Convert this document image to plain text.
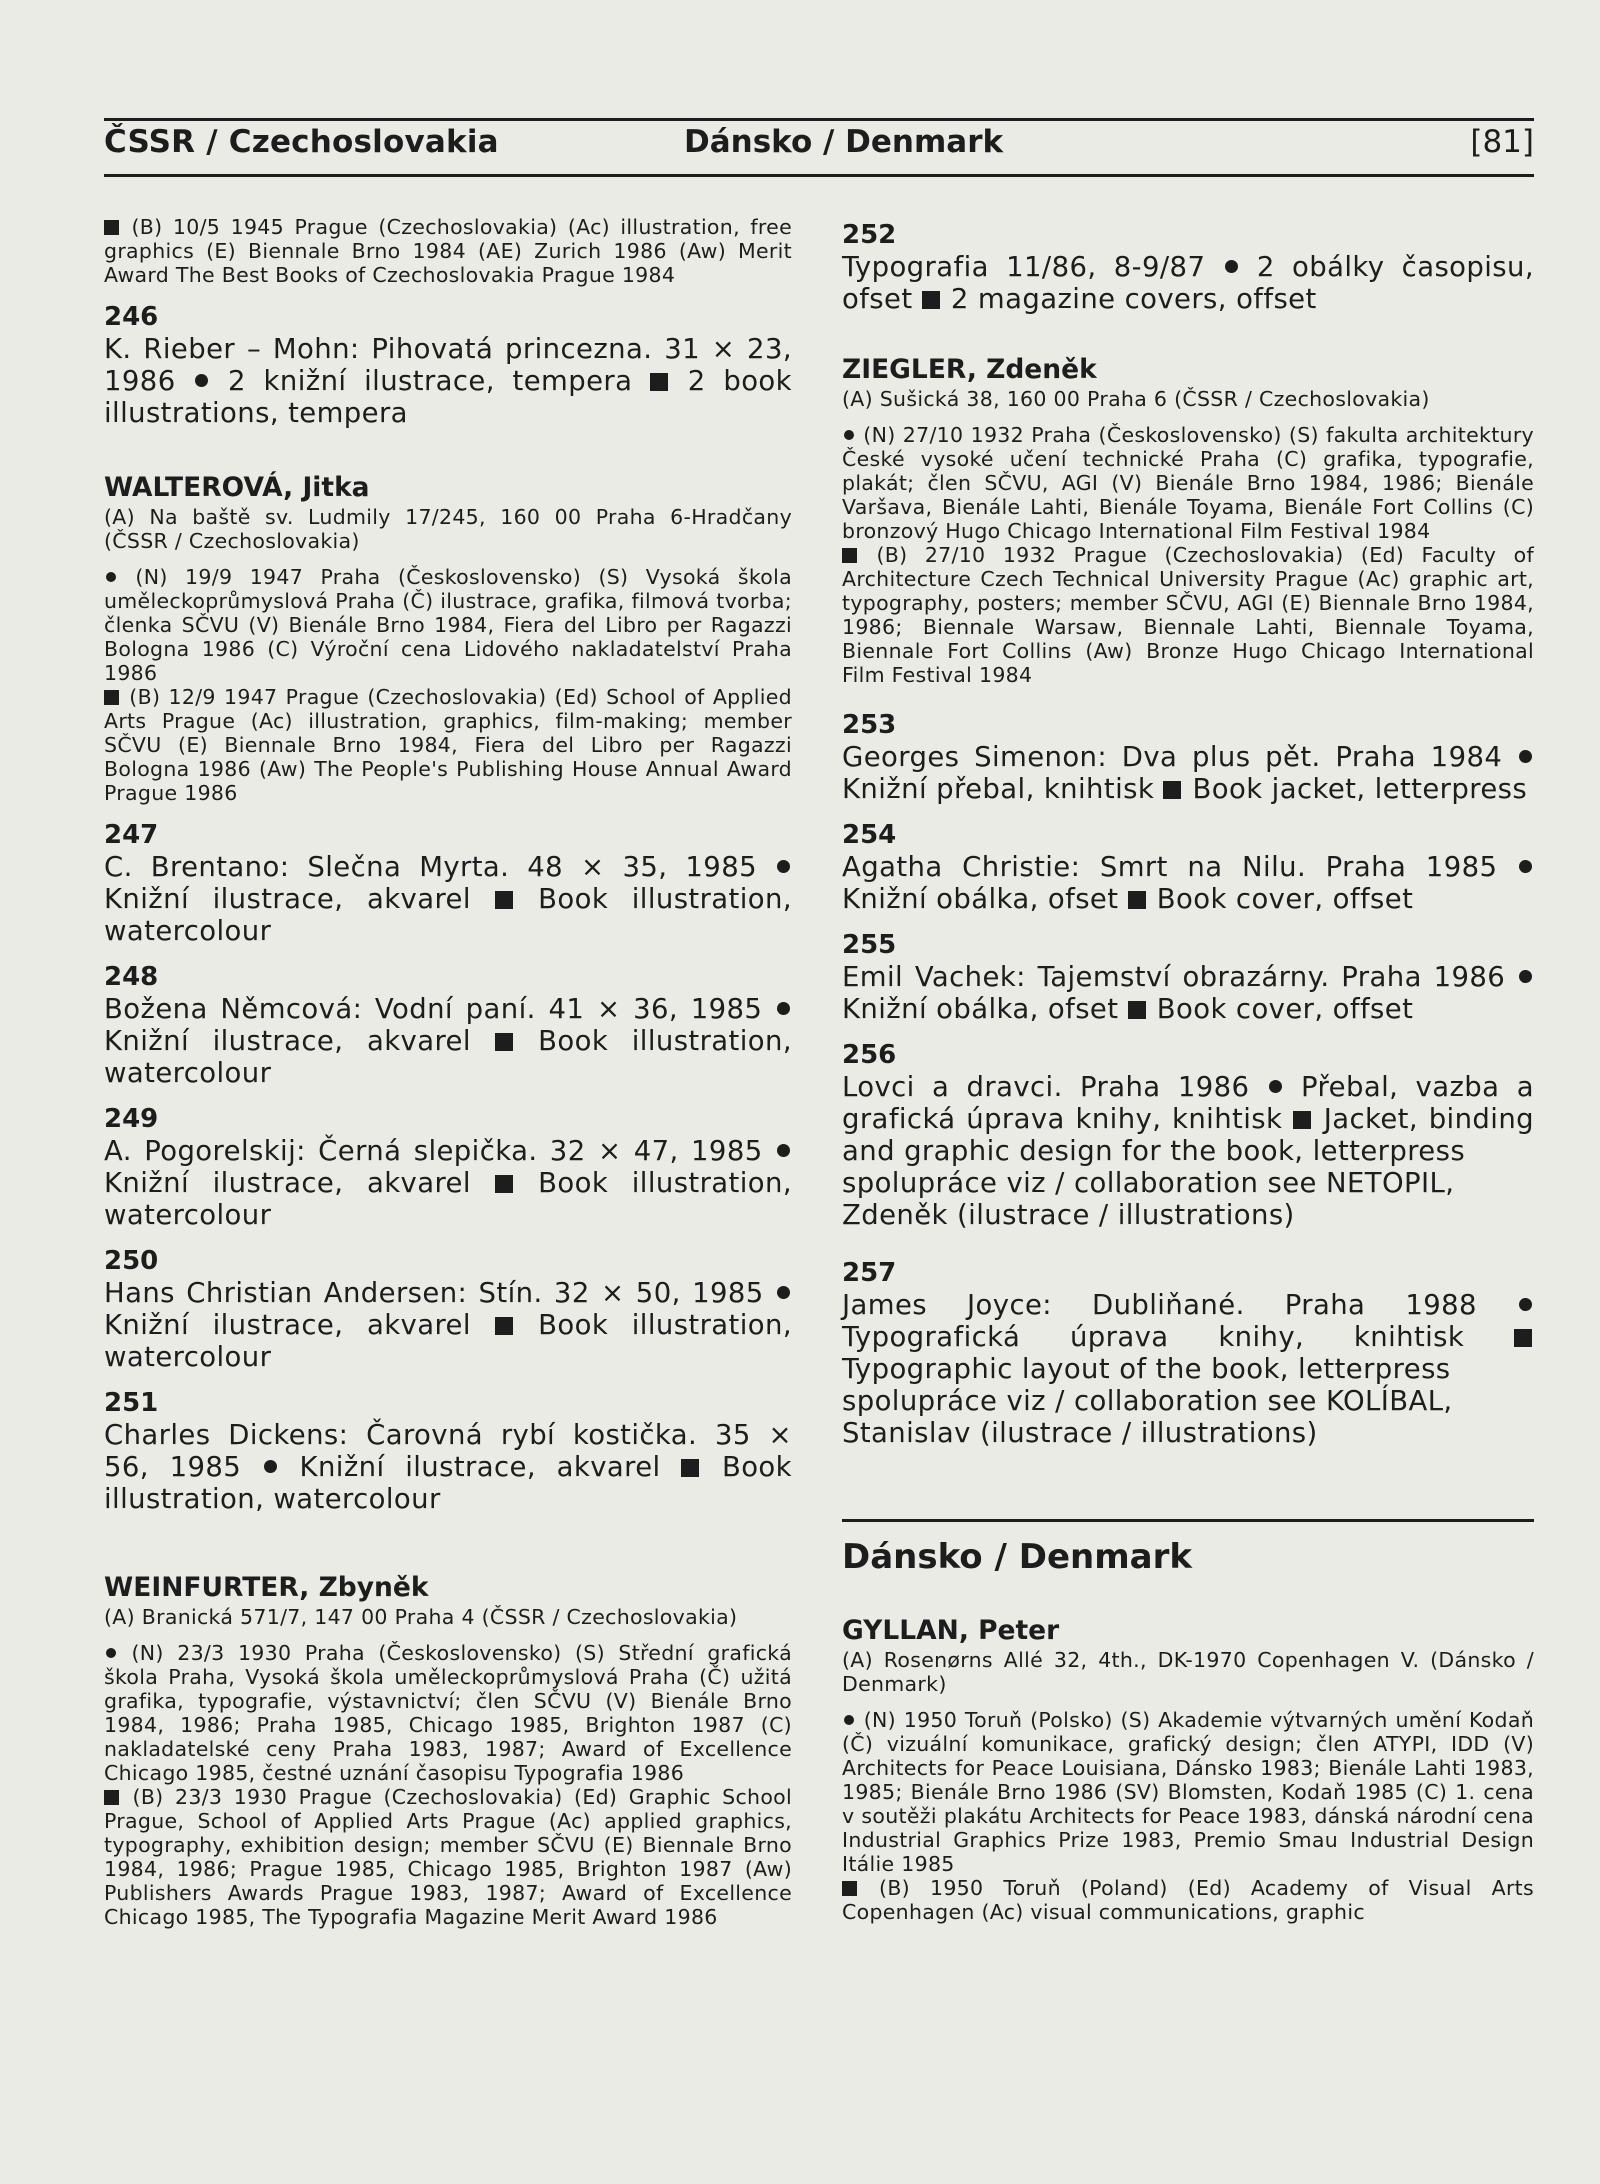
ČSSR / Czechoslovakia	Dánsko / Denmark	[81]

(B) 10/5 1945 Prague (Czechoslovakia) (Ac) illustration, free graphics (E) Biennale Brno 1984 (AE) Zurich 1986 (Aw) Merit Award The Best Books of Czechoslovakia Prague 1984

246

K. Rieber – Mohn: Pihovatá princezna. 31 × 23, 1986 2 knižní ilustrace, tempera 2 book illustrations, tempera

WALTEROVÁ, Jitka

(A) Na baště sv. Ludmily 17/245, 160 00 Praha 6-Hradčany (ČSSR / Czechoslovakia)

(N) 19/9 1947 Praha (Československo) (S) Vysoká škola uměleckoprůmyslová Praha (Č) ilustrace, grafika, filmová tvorba; členka SČVU (V) Bienále Brno 1984, Fiera del Libro per Ragazzi Bologna 1986 (C) Výroční cena Lidového nakladatelství Praha 1986

(B) 12/9 1947 Prague (Czechoslovakia) (Ed) School of Applied Arts Prague (Ac) illustration, graphics, film-making; member SČVU (E) Biennale Brno 1984, Fiera del Libro per Ragazzi Bologna 1986 (Aw) The People's Publishing House Annual Award Prague 1986

247

C. Brentano: Slečna Myrta. 48 × 35, 1985  Knižní ilustrace, akvarel Book illustration, watercolour

248

Božena Němcová: Vodní paní. 41 × 36, 1985  Knižní ilustrace, akvarel Book illustration, watercolour

249

A. Pogorelskij: Černá slepička. 32 × 47, 1985  Knižní ilustrace, akvarel Book illustration, watercolour

250

Hans Christian Andersen: Stín. 32 × 50, 1985  Knižní ilustrace, akvarel Book illustration, watercolour

251

Charles Dickens: Čarovná rybí kostička. 35 × 56, 1985 Knižní ilustrace, akvarel Book illustration, watercolour

WEINFURTER, Zbyněk

(A) Branická 571/7, 147 00 Praha 4 (ČSSR / Czechoslovakia)

(N) 23/3 1930 Praha (Československo) (S) Střední grafická škola Praha, Vysoká škola uměleckoprůmyslová Praha (Č) užitá grafika, typografie, výstavnictví; člen SČVU (V) Bienále Brno 1984, 1986; Praha 1985, Chicago 1985, Brighton 1987 (C) nakladatelské ceny Praha 1983, 1987; Award of Excellence Chicago 1985, čestné uznání časopisu Typografia 1986

(B) 23/3 1930 Prague (Czechoslovakia) (Ed) Graphic School Prague, School of Applied Arts Prague (Ac) applied graphics, typography, exhibition design; member SČVU (E) Biennale Brno 1984, 1986; Prague 1985, Chicago 1985, Brighton 1987 (Aw) Publishers Awards Prague 1983, 1987; Award of Excellence Chicago 1985, The Typografia Magazine Merit Award 1986

252

Typografia 11/86, 8-9/87 2 obálky časopisu, ofset 2 magazine covers, offset

ZIEGLER, Zdeněk

(A) Sušická 38, 160 00 Praha 6 (ČSSR / Czechoslovakia)

(N) 27/10 1932 Praha (Československo) (S) fakulta architektury České vysoké učení technické Praha (C) grafika, typografie, plakát; člen SČVU, AGI (V) Bienále Brno 1984, 1986; Bienále Varšava, Bienále Lahti, Bienále Toyama, Bienále Fort Collins (C) bronzový Hugo Chicago International Film Festival 1984

(B) 27/10 1932 Prague (Czechoslovakia) (Ed) Faculty of Architecture Czech Technical University Prague (Ac) graphic art, typography, posters; member SČVU, AGI (E) Biennale Brno 1984, 1986; Biennale Warsaw, Biennale Lahti, Biennale Toyama, Biennale Fort Collins (Aw) Bronze Hugo Chicago International Film Festival 1984

253

Georges Simenon: Dva plus pět. Praha 1984  Knižní přebal, knihtisk Book jacket, letterpress

254

Agatha Christie: Smrt na Nilu. Praha 1985  Knižní obálka, ofset Book cover, offset

255

Emil Vachek: Tajemství obrazárny. Praha 1986  Knižní obálka, ofset Book cover, offset

256

Lovci a dravci. Praha 1986 Přebal, vazba a grafická úprava knihy, knihtisk Jacket, binding and graphic design for the book, letterpress

spolupráce viz / collaboration see NETOPIL, Zdeněk (ilustrace / illustrations)

257

James Joyce: Dubliňané. Praha 1988  Typografická úprava knihy, knihtisk  Typographic layout of the book, letterpress

spolupráce viz / collaboration see KOLÍBAL, Stanislav (ilustrace / illustrations)

Dánsko / Denmark
GYLLAN, Peter

(A) Rosenørns Allé 32, 4th., DK-1970 Copenhagen V. (Dánsko / Denmark)

(N) 1950 Toruň (Polsko) (S) Akademie výtvarných umění Kodaň (Č) vizuální komunikace, grafický design; člen ATYPI, IDD (V) Architects for Peace Louisiana, Dánsko 1983; Bienále Lahti 1983, 1985; Bienále Brno 1986 (SV) Blomsten, Kodaň 1985 (C) 1. cena v soutěži plakátu Architects for Peace 1983, dánská národní cena Industrial Graphics Prize 1983, Premio Smau Industrial Design Itálie 1985

(B) 1950 Toruň (Poland) (Ed) Academy of Visual Arts Copenhagen (Ac) visual communications, graphic
